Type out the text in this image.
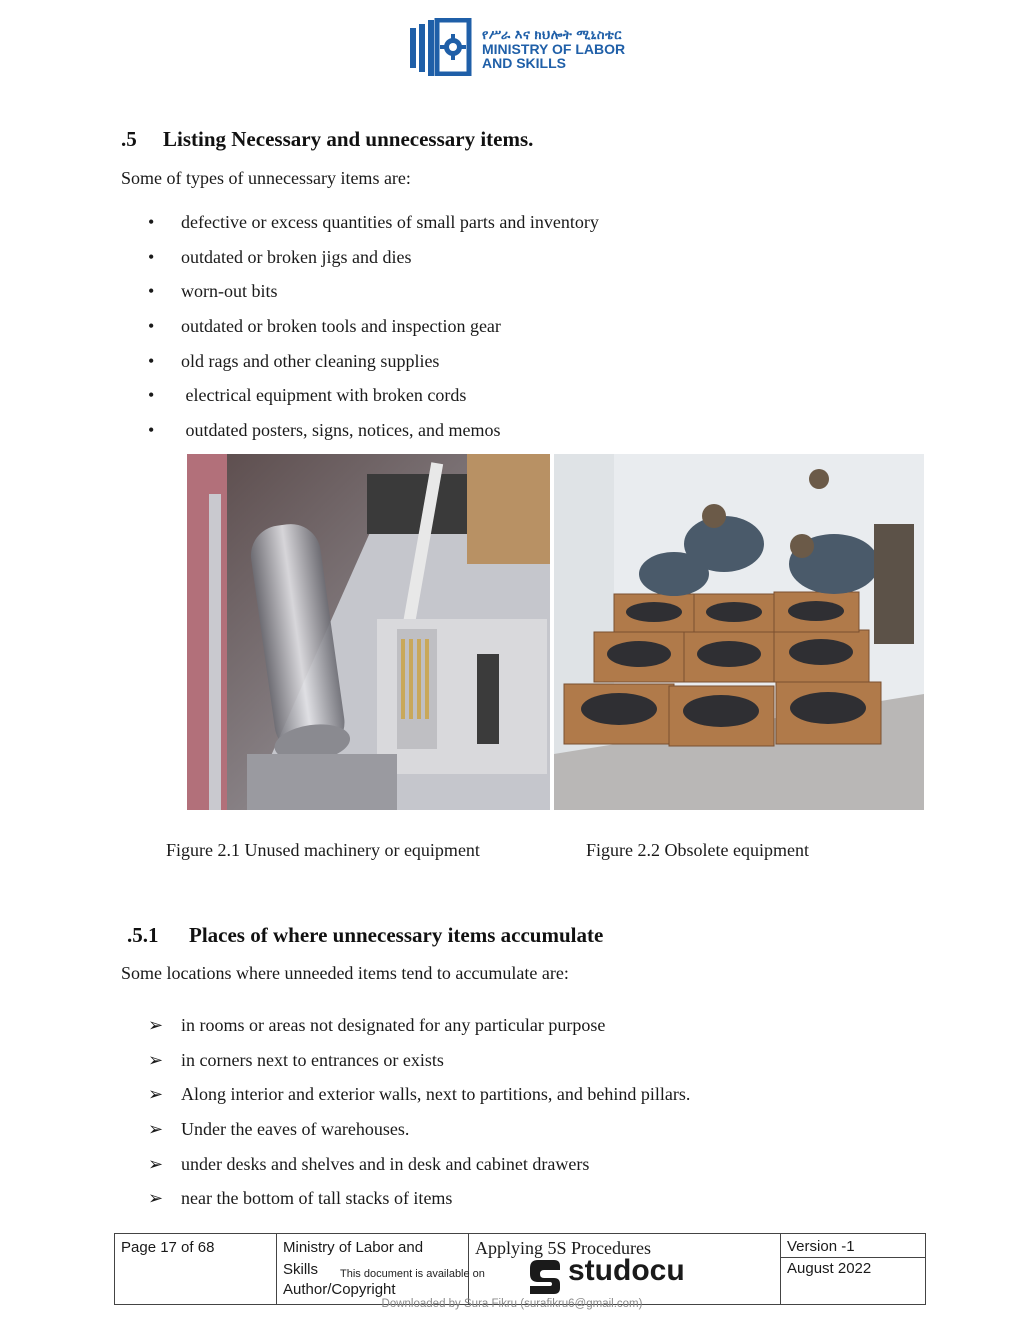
የሥራ እና ክህሎት ሚኒስቴር
MINISTRY OF LABOR
AND SKILLS
.5 Listing Necessary and unnecessary items.

Some of types of unnecessary items are:

•	defective or excess quantities of small parts and inventory
•	outdated or broken jigs and dies
•	worn-out bits
•	outdated or broken tools and inspection gear
•	old rags and other cleaning supplies
•	electrical equipment with broken cords
•	outdated posters, signs, notices, and memos

Figure 2.1 Unused machinery or equipment	Figure 2.2 Obsolete equipment

.5.1 Places of where unnecessary items accumulate

Some locations where unneeded items tend to accumulate are:

➢ in rooms or areas not designated for any particular purpose
➢ in corners next to entrances or exists
➢ Along interior and exterior walls, next to partitions, and behind pillars.
➢ Under the eaves of warehouses.
➢ under desks and shelves and in desk and cabinet drawers
➢ near the bottom of tall stacks of items
Page 17 of 68	Ministry of Labor and
Skills
Author/Copyright
Applying 5S Procedures	Version -1
August 2022
This document is available on	studocu
Downloaded by Sura Fikru (surafikru6@gmail.com)
